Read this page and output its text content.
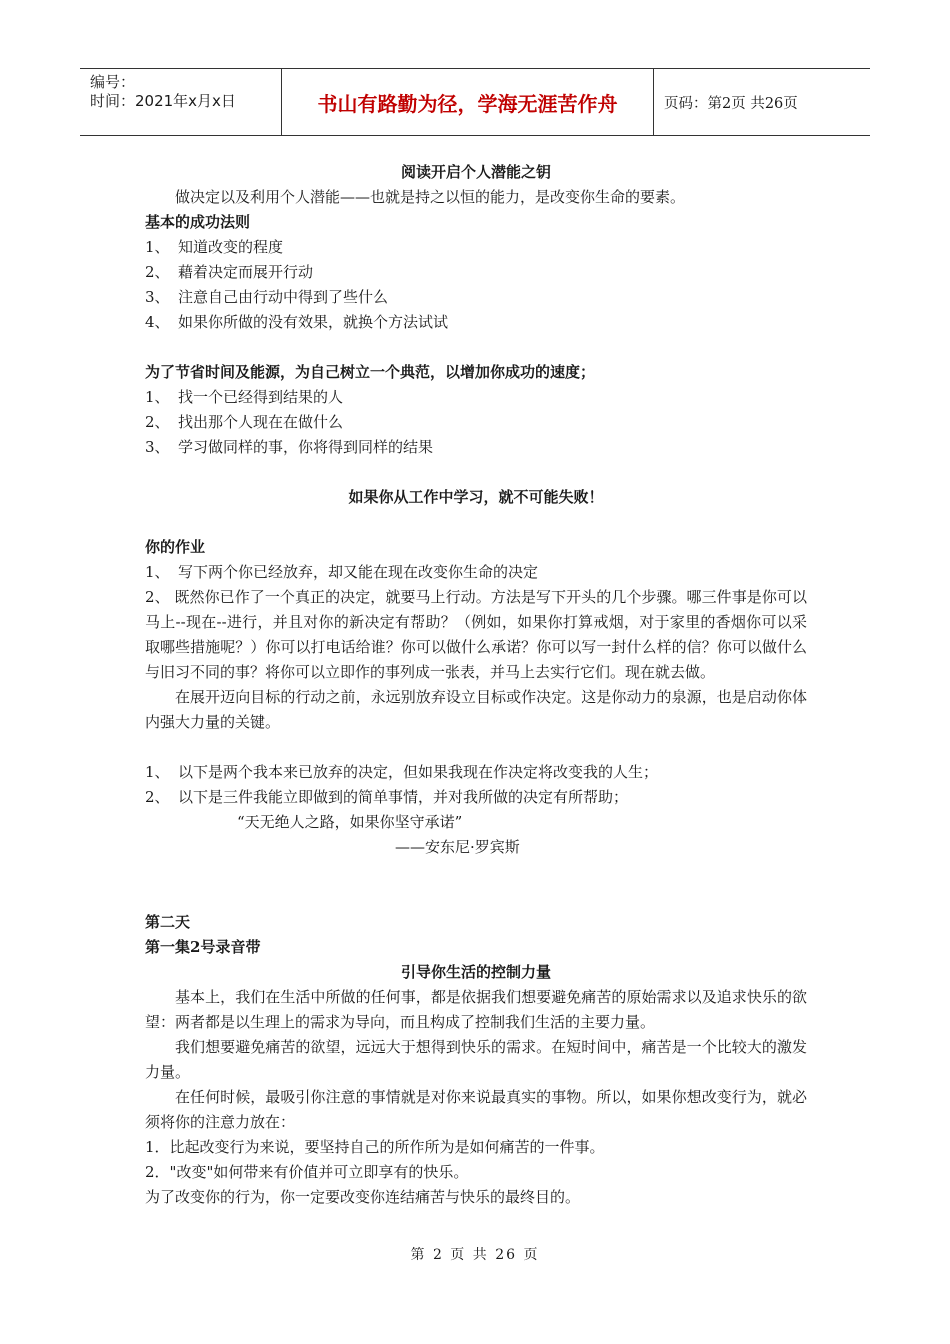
编号：
时间：2021年x月x日	书山有路勤为径，学海无涯苦作舟	页码：第2页 共26页
阅读开启个人潜能之钥
做决定以及利用个人潜能——也就是持之以恒的能力，是改变你生命的要素。
基本的成功法则
1、 知道改变的程度
2、 藉着决定而展开行动
3、 注意自己由行动中得到了些什么
4、 如果你所做的没有效果，就换个方法试试
为了节省时间及能源，为自己树立一个典范，以增加你成功的速度；
1、 找一个已经得到结果的人
2、 找出那个人现在在做什么
3、 学习做同样的事，你将得到同样的结果
如果你从工作中学习，就不可能失败！
你的作业
1、 写下两个你已经放弃，却又能在现在改变你生命的决定
2、 既然你已作了一个真正的决定，就要马上行动。方法是写下开头的几个步骤。哪三件事是你可以马上--现在--进行，并且对你的新决定有帮助？（例如，如果你打算戒烟，对于家里的香烟你可以采取哪些措施呢？）你可以打电话给谁？你可以做什么承诺？你可以写一封什么样的信？你可以做什么与旧习不同的事？将你可以立即作的事列成一张表，并马上去实行它们。现在就去做。
在展开迈向目标的行动之前，永远别放弃设立目标或作决定。这是你动力的泉源，也是启动你体内强大力量的关键。
1、 以下是两个我本来已放弃的决定，但如果我现在作决定将改变我的人生；
2、 以下是三件我能立即做到的简单事情，并对我所做的决定有所帮助；
“天无绝人之路，如果你坚守承诺”
——安东尼·罗宾斯
第二天
第一集2号录音带
引导你生活的控制力量
基本上，我们在生活中所做的任何事，都是依据我们想要避免痛苦的原始需求以及追求快乐的欲望：两者都是以生理上的需求为导向，而且构成了控制我们生活的主要力量。
我们想要避免痛苦的欲望，远远大于想得到快乐的需求。在短时间中，痛苦是一个比较大的激发力量。
在任何时候，最吸引你注意的事情就是对你来说最真实的事物。所以，如果你想改变行为，就必须将你的注意力放在：
1．比起改变行为来说，要坚持自己的所作所为是如何痛苦的一件事。
2．"改变"如何带来有价值并可立即享有的快乐。
为了改变你的行为，你一定要改变你连结痛苦与快乐的最终目的。
第 2 页 共 26 页
